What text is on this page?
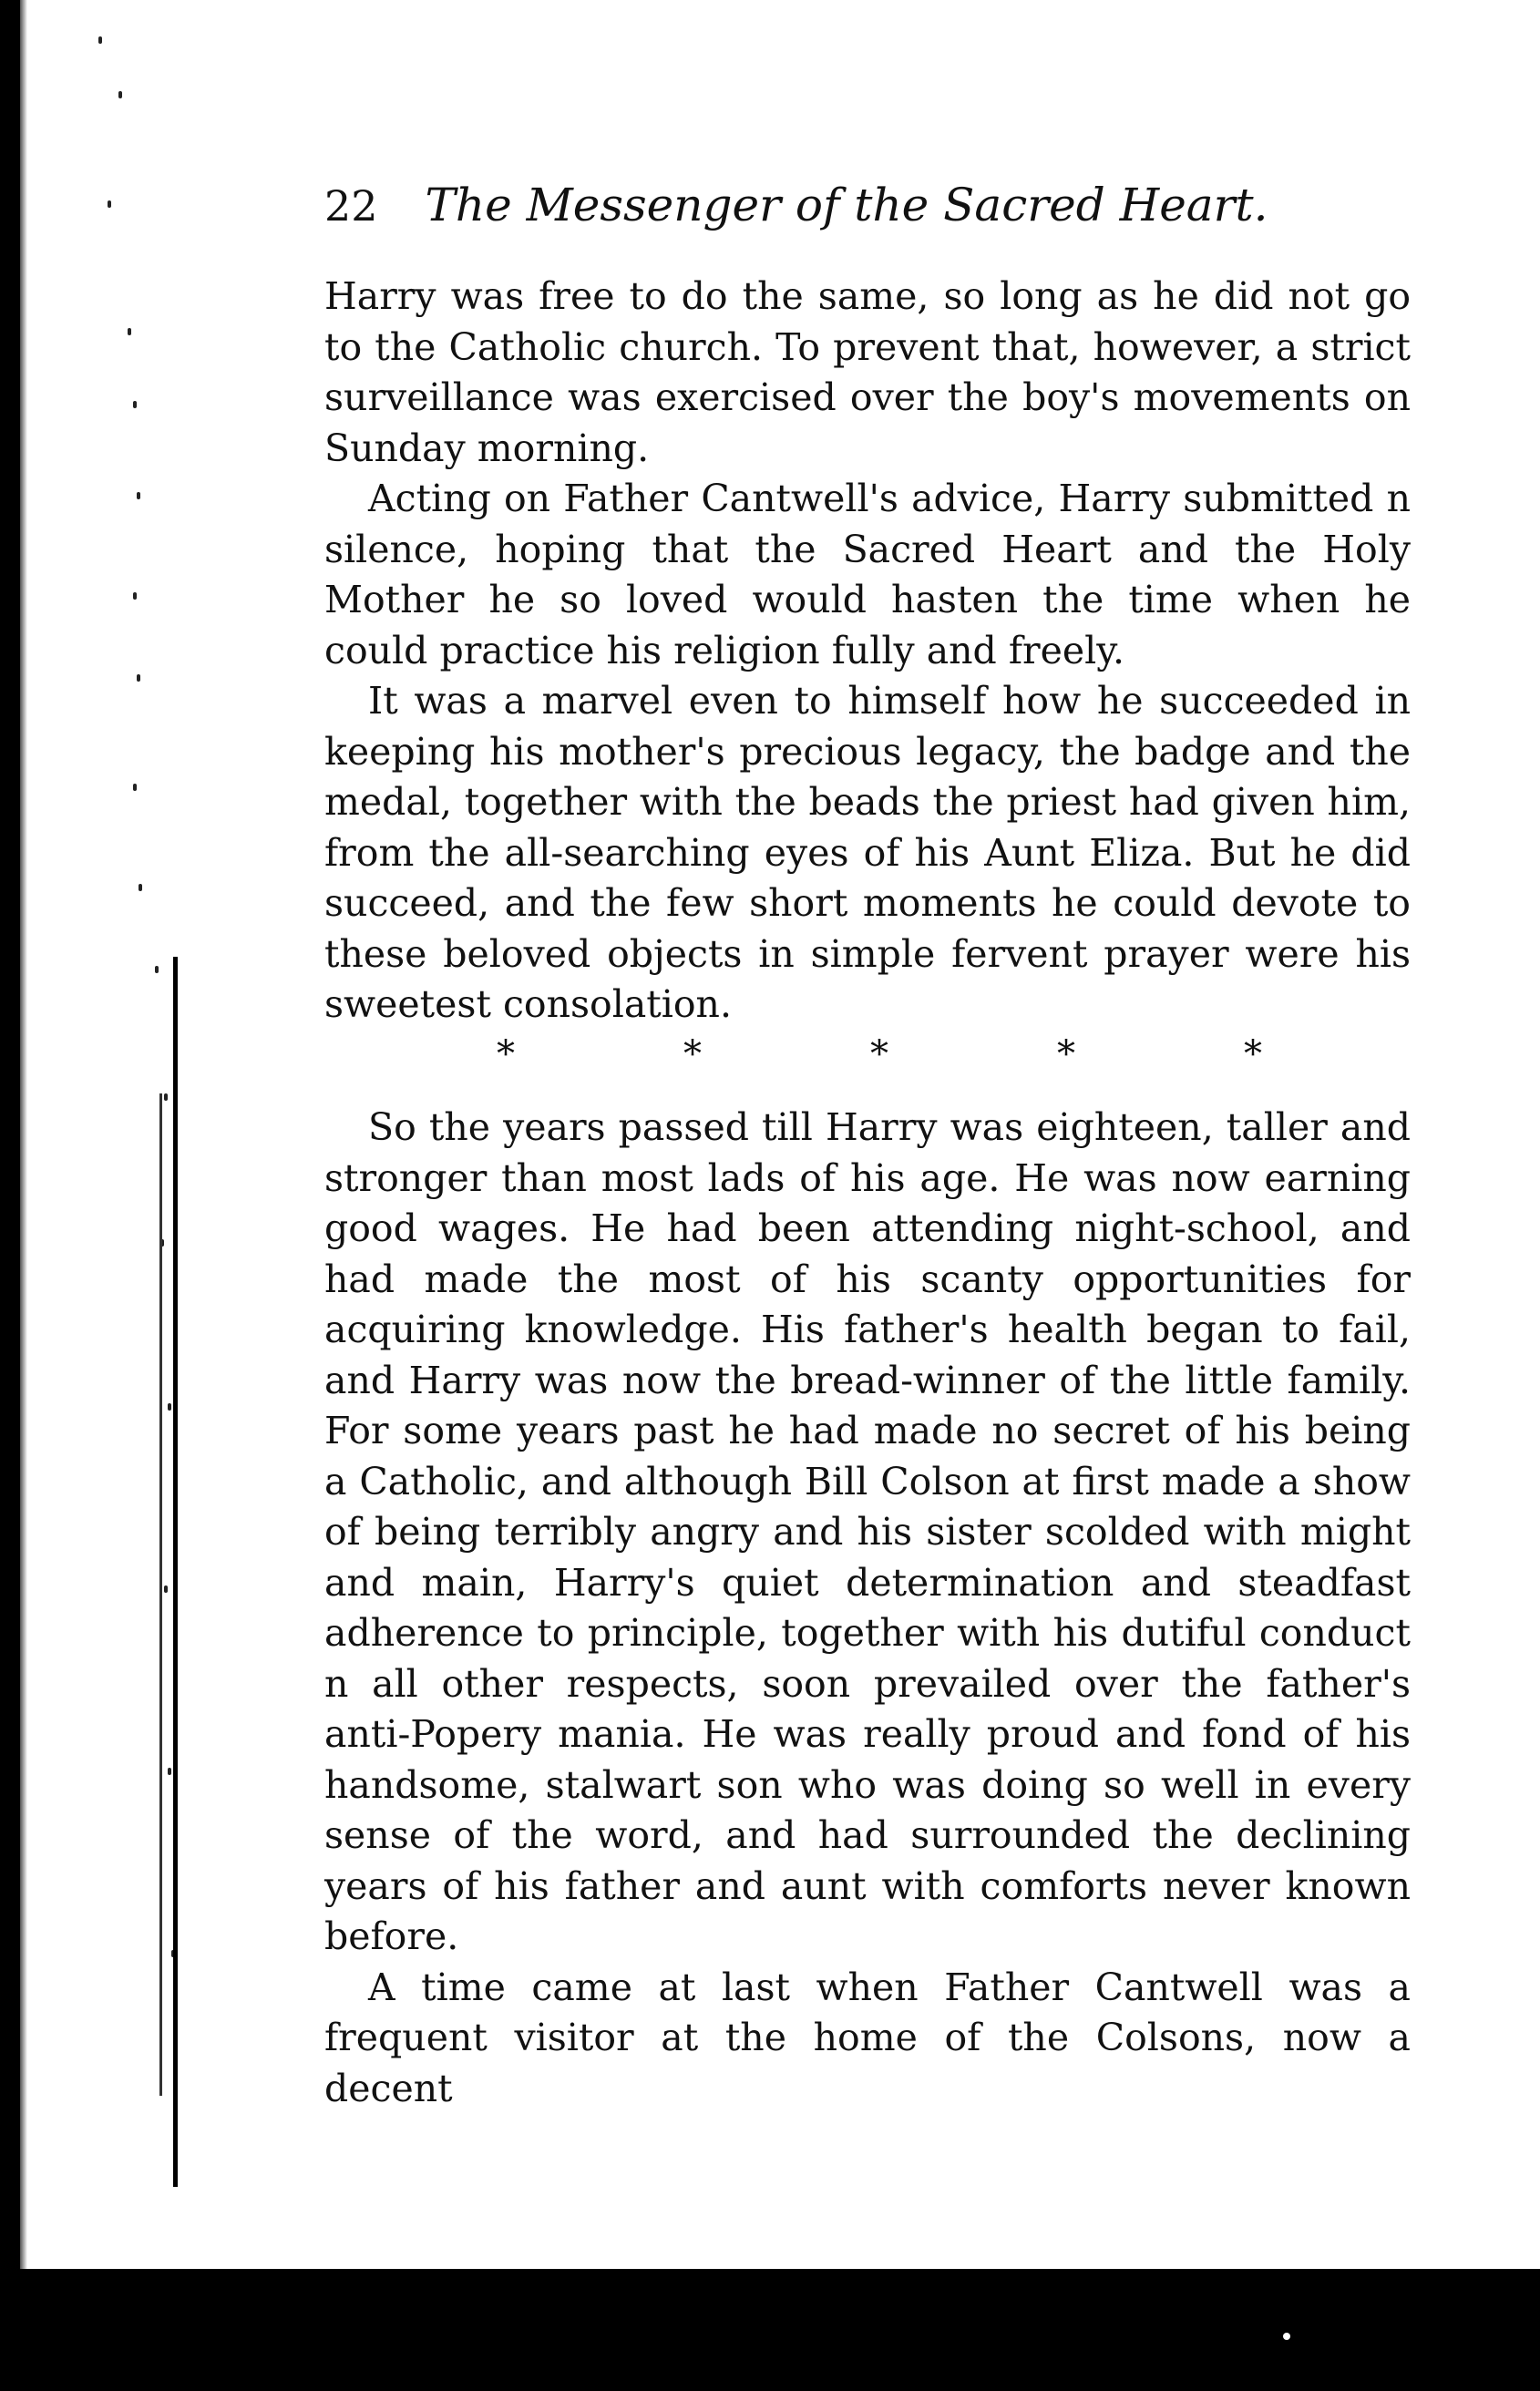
22 The Messenger of the Sacred Heart.

Harry was free to do the same, so long as he did not go to the Catholic church. To prevent that, however, a strict surveillance was exercised over the boy's movements on Sunday morning.

Acting on Father Cantwell's advice, Harry submitted n silence, hoping that the Sacred Heart and the Holy Mother he so loved would hasten the time when he could practice his religion fully and freely.

It was a marvel even to himself how he succeeded in keeping his mother's precious legacy, the badge and the medal, together with the beads the priest had given him, from the all-searching eyes of his Aunt Eliza. But he did succeed, and the few short moments he could devote to these beloved objects in simple fervent prayer were his sweetest consolation.

*	*	*	*	*

So the years passed till Harry was eighteen, taller and stronger than most lads of his age. He was now earning good wages. He had been attending night-school, and had made the most of his scanty opportunities for acquiring knowledge. His father's health began to fail, and Harry was now the bread-winner of the little family. For some years past he had made no secret of his being a Catholic, and although Bill Colson at first made a show of being terribly angry and his sister scolded with might and main, Harry's quiet determination and steadfast adherence to principle, together with his dutiful conduct n all other respects, soon prevailed over the father's anti-Popery mania. He was really proud and fond of his handsome, stalwart son who was doing so well in every sense of the word, and had surrounded the declining years of his father and aunt with comforts never known before.

A time came at last when Father Cantwell was a frequent visitor at the home of the Colsons, now a decent
